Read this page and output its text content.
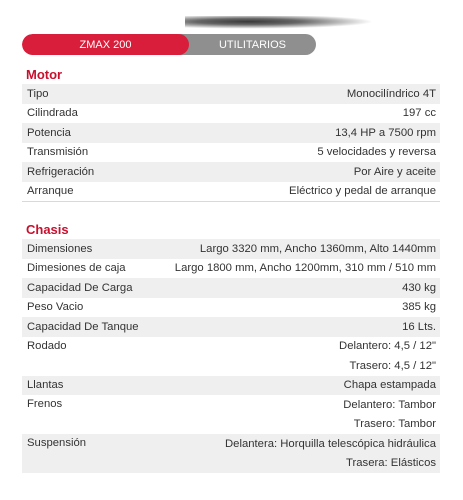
ZMAX 200	UTILITARIOS
Motor
Tipo	Monocilíndrico 4T
Cilindrada	197 cc
Potencia	13,4 HP a 7500 rpm
Transmisión	5 velocidades y reversa
Refrigeración	Por Aire y aceite
Arranque	Eléctrico y pedal de arranque
Chasis
Dimensiones	Largo 3320 mm, Ancho 1360mm, Alto 1440mm
Dimesiones de caja	Largo 1800 mm, Ancho 1200mm, 310 mm / 510 mm
Capacidad De Carga	430 kg
Peso Vacio	385 kg
Capacidad De Tanque	16 Lts.
Rodado	Delantero: 4,5 / 12"
Trasero: 4,5 / 12"
Llantas	Chapa estampada
Frenos	Delantero: Tambor
Trasero: Tambor
Suspensión	Delantera: Horquilla telescópica hidráulica
Trasera: Elásticos
